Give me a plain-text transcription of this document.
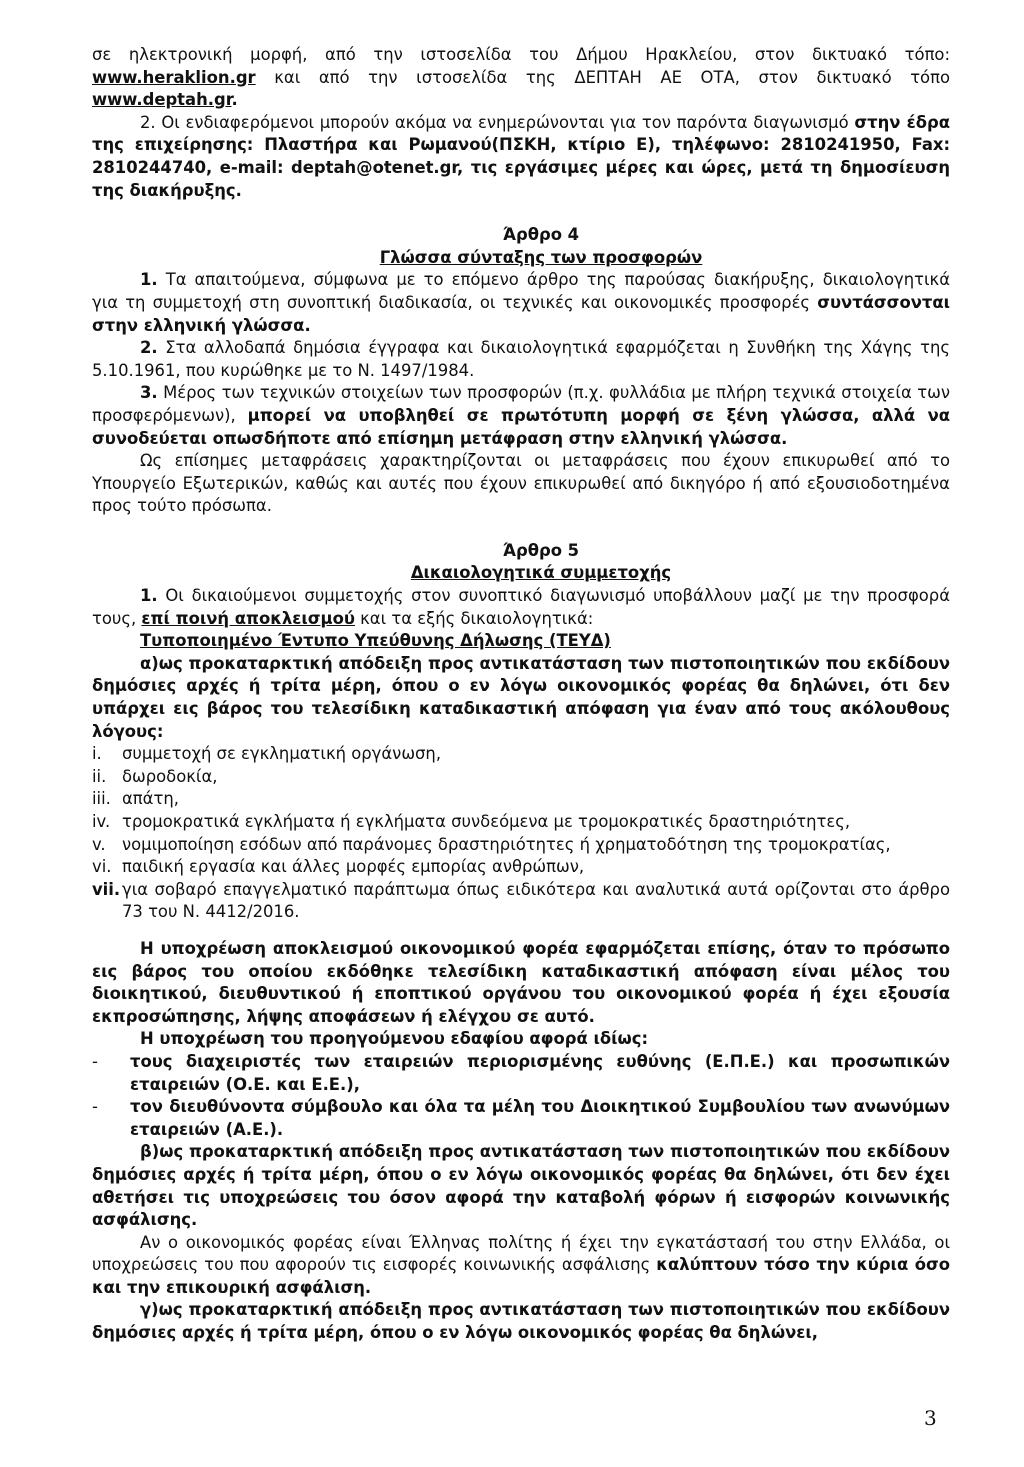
σε ηλεκτρονική μορφή, από την ιστοσελίδα του Δήμου Ηρακλείου, στον δικτυακό τόπο: www.heraklion.gr και από την ιστοσελίδα της ΔΕΠΤΑΗ ΑΕ ΟΤΑ, στον δικτυακό τόπο www.deptah.gr.

2. Οι ενδιαφερόμενοι μπορούν ακόμα να ενημερώνονται για τον παρόντα διαγωνισμό στην έδρα της επιχείρησης: Πλαστήρα και Ρωμανού(ΠΣΚΗ, κτίριο Ε), τηλέφωνο: 2810241950, Fax: 2810244740, e-mail: deptah@otenet.gr, τις εργάσιμες μέρες και ώρες, μετά τη δημοσίευση της διακήρυξης.

Άρθρο 4

Γλώσσα σύνταξης των προσφορών

1. Τα απαιτούμενα, σύμφωνα με το επόμενο άρθρο της παρούσας διακήρυξης, δικαιολογητικά για τη συμμετοχή στη συνοπτική διαδικασία, οι τεχνικές και οικονομικές προσφορές συντάσσονται στην ελληνική γλώσσα.

2. Στα αλλοδαπά δημόσια έγγραφα και δικαιολογητικά εφαρμόζεται η Συνθήκη της Χάγης της 5.10.1961, που κυρώθηκε με το Ν. 1497/1984.

3. Μέρος των τεχνικών στοιχείων των προσφορών (π.χ. φυλλάδια με πλήρη τεχνικά στοιχεία των προσφερόμενων), μπορεί να υποβληθεί σε πρωτότυπη μορφή σε ξένη γλώσσα, αλλά να συνοδεύεται οπωσδήποτε από επίσημη μετάφραση στην ελληνική γλώσσα.

Ως επίσημες μεταφράσεις χαρακτηρίζονται οι μεταφράσεις που έχουν επικυρωθεί από το Υπουργείο Εξωτερικών, καθώς και αυτές που έχουν επικυρωθεί από δικηγόρο ή από εξουσιοδοτημένα προς τούτο πρόσωπα.

Άρθρο 5

Δικαιολογητικά συμμετοχής

1. Οι δικαιούμενοι συμμετοχής στον συνοπτικό διαγωνισμό υποβάλλουν μαζί με την προσφορά τους, επί ποινή αποκλεισμού και τα εξής δικαιολογητικά:

Τυποποιημένο Έντυπο Υπεύθυνης Δήλωσης (ΤΕΥΔ)

α)ως προκαταρκτική απόδειξη προς αντικατάσταση των πιστοποιητικών που εκδίδουν δημόσιες αρχές ή τρίτα μέρη, όπου ο εν λόγω οικονομικός φορέας θα δηλώνει, ότι δεν υπάρχει εις βάρος του τελεσίδικη καταδικαστική απόφαση για έναν από τους ακόλουθους λόγους:

i.	συμμετοχή σε εγκληματική οργάνωση,
ii. δωροδοκία,
iii. απάτη,
iv. τρομοκρατικά εγκλήματα ή εγκλήματα συνδεόμενα με τρομοκρατικές δραστηριότητες,
v. νομιμοποίηση εσόδων από παράνομες δραστηριότητες ή χρηματοδότηση της τρομοκρατίας,
vi. παιδική εργασία και άλλες μορφές εμπορίας ανθρώπων,
vii. για σοβαρό επαγγελματικό παράπτωμα όπως ειδικότερα και αναλυτικά αυτά ορίζονται στο άρθρο 73 του Ν. 4412/2016.

Η υποχρέωση αποκλεισμού οικονομικού φορέα εφαρμόζεται επίσης, όταν το πρόσωπο εις βάρος του οποίου εκδόθηκε τελεσίδικη καταδικαστική απόφαση είναι μέλος του διοικητικού, διευθυντικού ή εποπτικού οργάνου του οικονομικού φορέα ή έχει εξουσία εκπροσώπησης, λήψης αποφάσεων ή ελέγχου σε αυτό.

Η υποχρέωση του προηγούμενου εδαφίου αφορά ιδίως:

-	τους διαχειριστές των εταιρειών περιορισμένης ευθύνης (Ε.Π.Ε.) και προσωπικών εταιρειών (Ο.Ε. και Ε.Ε.),
-	τον διευθύνοντα σύμβουλο και όλα τα μέλη του Διοικητικού Συμβουλίου των ανωνύμων εταιρειών (Α.Ε.).

β)ως προκαταρκτική απόδειξη προς αντικατάσταση των πιστοποιητικών που εκδίδουν δημόσιες αρχές ή τρίτα μέρη, όπου ο εν λόγω οικονομικός φορέας θα δηλώνει, ότι δεν έχει αθετήσει τις υποχρεώσεις του όσον αφορά την καταβολή φόρων ή εισφορών κοινωνικής ασφάλισης.

Αν ο οικονομικός φορέας είναι Έλληνας πολίτης ή έχει την εγκατάστασή του στην Ελλάδα, οι υποχρεώσεις του που αφορούν τις εισφορές κοινωνικής ασφάλισης καλύπτουν τόσο την κύρια όσο και την επικουρική ασφάλιση.

γ)ως προκαταρκτική απόδειξη προς αντικατάσταση των πιστοποιητικών που εκδίδουν δημόσιες αρχές ή τρίτα μέρη, όπου ο εν λόγω οικονομικός φορέας θα δηλώνει,

3
